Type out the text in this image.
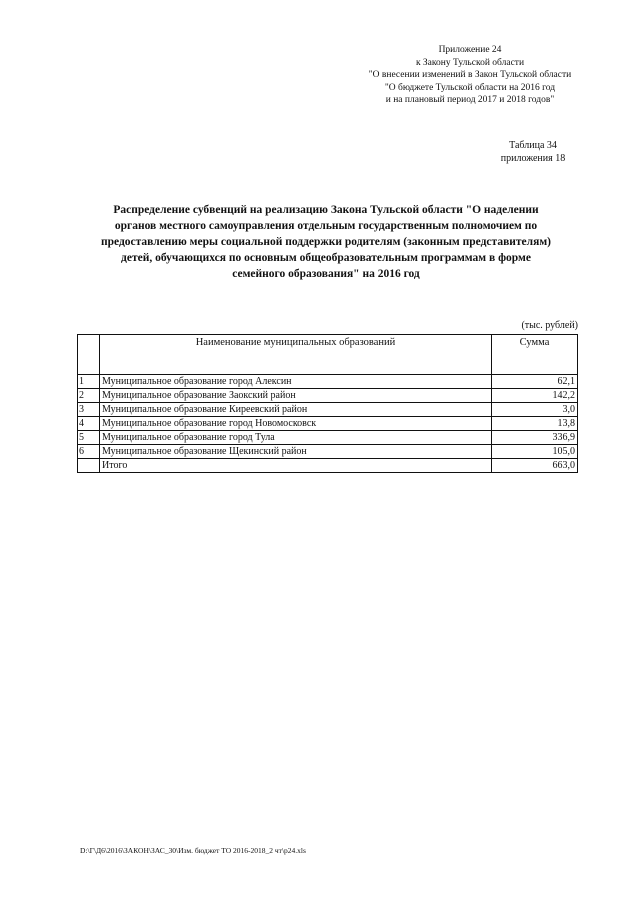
Приложение 24
к Закону Тульской области
"О внесении изменений в Закон Тульской области
"О бюджете Тульской области на 2016 год
и на плановый период 2017 и 2018 годов"
Таблица 34
приложения 18
Распределение субвенций на реализацию Закона Тульской области "О наделении
органов местного самоуправления отдельным государственным полномочием по
предоставлению меры социальной поддержки родителям (законным представителям)
детей, обучающихся по основным общеобразовательным программам в форме
семейного образования" на 2016 год
(тыс. рублей)
	Наименование муниципальных образований	Сумма
1	Муниципальное образование город Алексин	62,1
2	Муниципальное образование Заокский район	142,2
3	Муниципальное образование Киреевский район	3,0
4	Муниципальное образование город Новомосковск	13,8
5	Муниципальное образование город Тула	336,9
6	Муниципальное образование Щекинский район	105,0
	Итого	663,0
D:\Г\Д6\2016\ЗАКОН\ЗАС_30\Изм. бюджет ТО 2016-2018_2 чт\р24.xls
